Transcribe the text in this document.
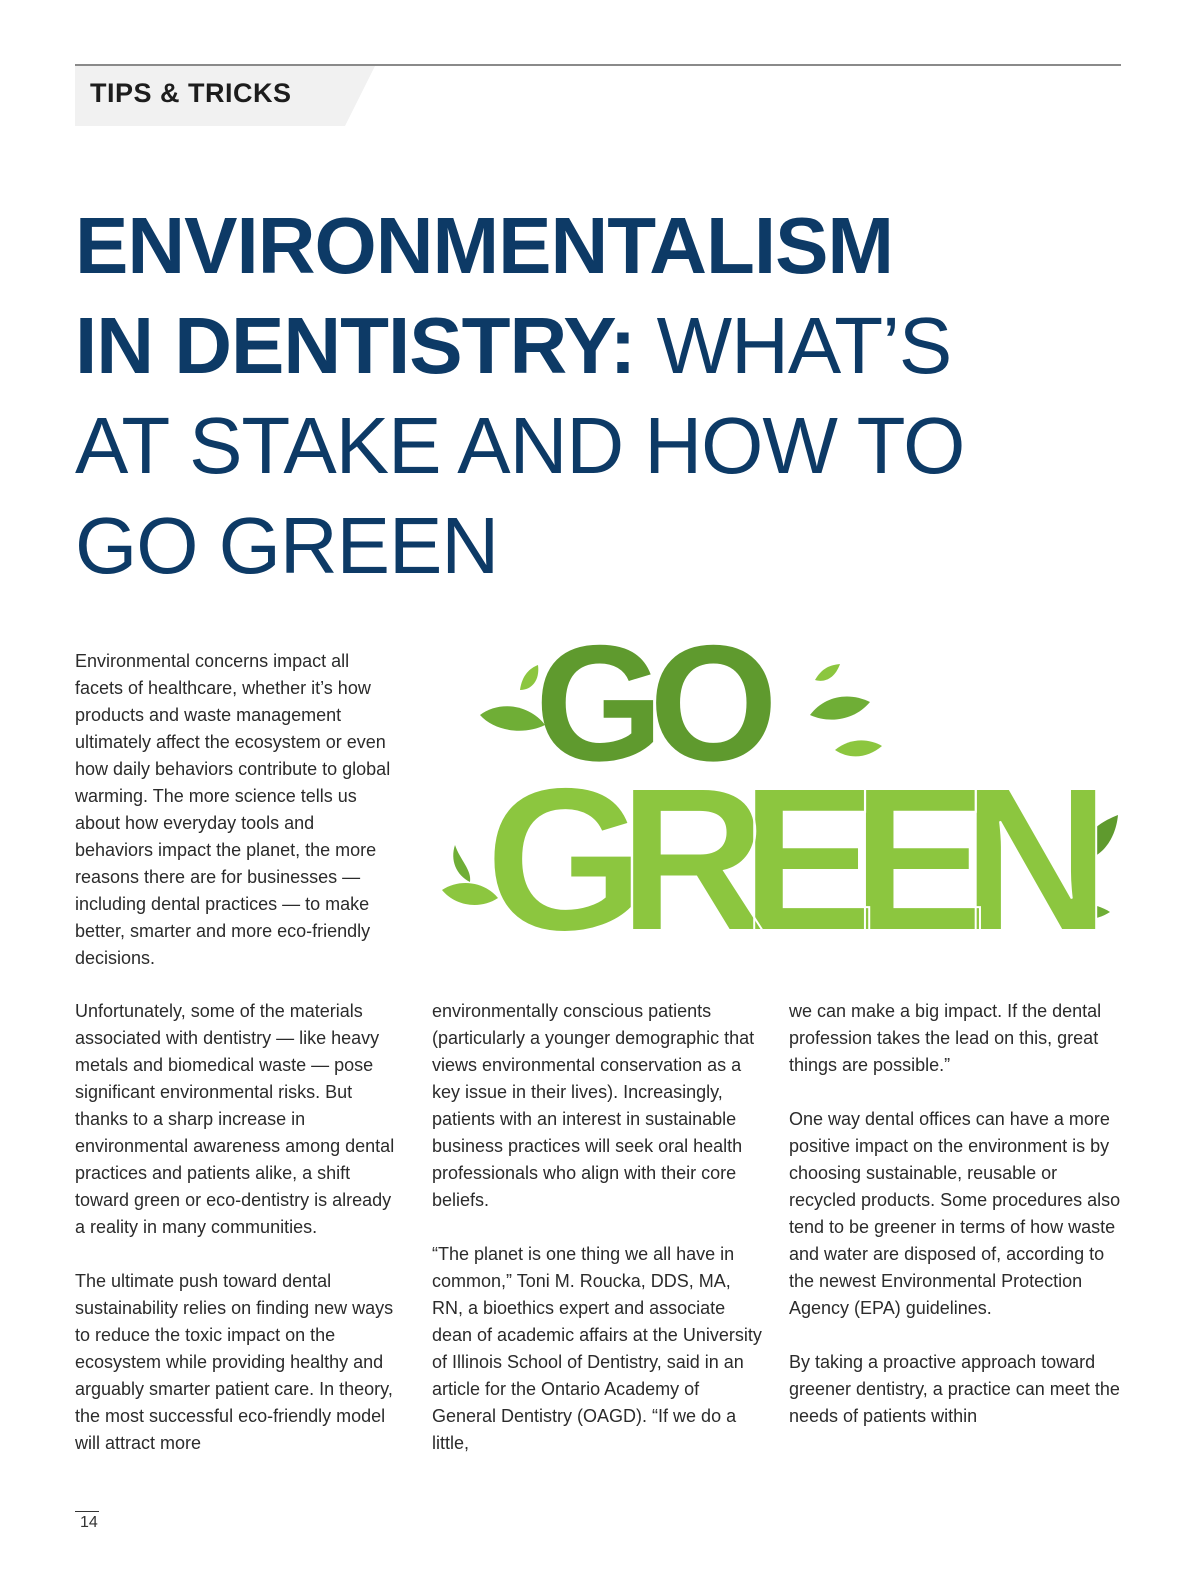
TIPS & TRICKS
ENVIRONMENTALISM
IN DENTISTRY: WHAT’S
AT STAKE AND HOW TO
GO GREEN

Environmental concerns impact all facets of healthcare, whether it’s how products and waste management ultimately affect the ecosystem or even how daily behaviors contribute to global warming. The more science tells us about how everyday tools and behaviors impact the planet, the more reasons there are for businesses — including dental practices — to make better, smarter and more eco-friendly decisions.

GO
GREEN

Unfortunately, some of the materials associated with dentistry — like heavy metals and biomedical waste — pose significant environmental risks. But thanks to a sharp increase in environmental awareness among dental practices and patients alike, a shift toward green or eco-dentistry is already a reality in many communities.

The ultimate push toward dental sustainability relies on finding new ways to reduce the toxic impact on the ecosystem while providing healthy and arguably smarter patient care. In theory, the most successful eco-friendly model will attract more

environmentally conscious patients (particularly a younger demographic that views environmental conservation as a key issue in their lives). Increasingly, patients with an interest in sustainable business practices will seek oral health professionals who align with their core beliefs.

“The planet is one thing we all have in common,” Toni M. Roucka, DDS, MA, RN, a bioethics expert and associate dean of academic affairs at the University of Illinois School of Dentistry, said in an article for the Ontario Academy of General Dentistry (OAGD). “If we do a little,

we can make a big impact. If the dental profession takes the lead on this, great things are possible.”

One way dental offices can have a more positive impact on the environment is by choosing sustainable, reusable or recycled products. Some procedures also tend to be greener in terms of how waste and water are disposed of, according to the newest Environmental Protection Agency (EPA) guidelines.

By taking a proactive approach toward greener dentistry, a practice can meet the needs of patients within

14
